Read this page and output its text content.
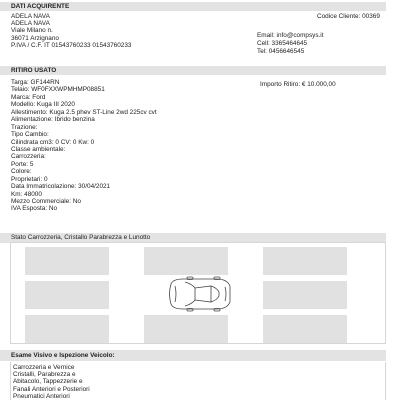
DATI ACQUIRENTE
ADELA NAVA
ADELA NAVA
Viale Milano n.
36071 Arzignano
P.IVA / C.F. IT 01543760233 01543760233
Codice Cliente: 00369
Email: info@compsys.it
Cell: 3365464645
Tel: 0456646545
RITIRO USATO
Importo Ritiro: € 10.000,00
Targa: GF144RN
Telaio: WF0FXXWPMHMP08851
Marca: Ford
Modello: Kuga III 2020
Allestimento: Kuga 2.5 phev ST-Line 2wd 225cv cvt
Alimentazione: Ibrido benzina
Trazione:
Tipo Cambio:
Cilindrata cm3: 0 CV: 0 Kw: 0
Classe ambientale:
Carrozzeria:
Porte: 5
Colore:
Proprietari: 0
Data Immatricolazione: 30/04/2021
Km: 48000
Mezzo Commerciale: No
IVA Esposta: No
Stato Carrozzeria, Cristallo Parabrezza e Lunotto
Esame Visivo e Ispezione Veicolo:
Carrozzeria e Vernice
Cristalli, Parabrezza e
Abitacolo, Tappezzerie e
Fanali Anteriori e Posteriori
Pneumatici Anteriori
